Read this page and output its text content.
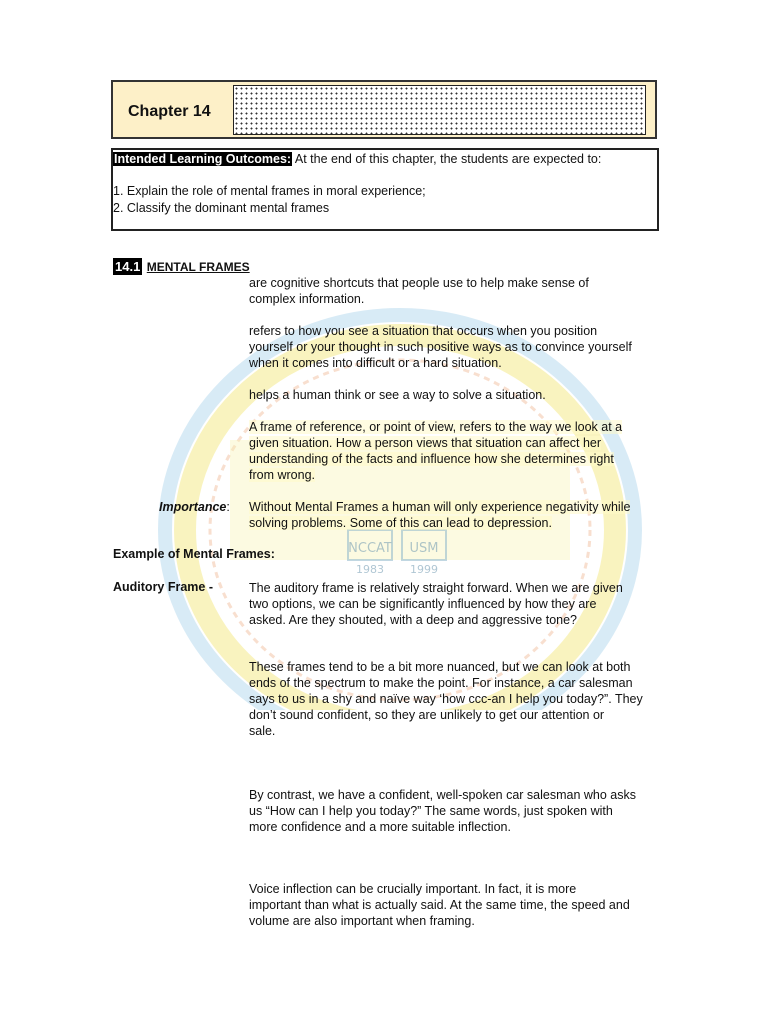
NCCAT USM
1983 1999
Chapter 14
Intended Learning Outcomes: At the end of this chapter, the students are expected to:
1. Explain the role of mental frames in moral experience;
2. Classify the dominant mental frames
14.1 MENTAL FRAMES
are cognitive shortcuts that people use to help make sense of
complex information.
refers to how you see a situation that occurs when you position
yourself or your thought in such positive ways as to convince yourself
when it comes into difficult or a hard situation.
helps a human think or see a way to solve a situation.
A frame of reference, or point of view, refers to the way we look at a
given situation. How a person views that situation can affect her
understanding of the facts and influence how she determines right
from wrong.
Importance: Without Mental Frames a human will only experience negativity while
solving problems. Some of this can lead to depression.
Example of Mental Frames:
Auditory Frame -	The auditory frame is relatively straight forward. When we are given
two options, we can be significantly influenced by how they are
asked. Are they shouted, with a deep and aggressive tone?
These frames tend to be a bit more nuanced, but we can look at both
ends of the spectrum to make the point. For instance, a car salesman
says to us in a shy and naïve way ‘how ccc-an I help you today?”. They
don’t sound confident, so they are unlikely to get our attention or
sale.
By contrast, we have a confident, well-spoken car salesman who asks
us “How can I help you today?” The same words, just spoken with
more confidence and a more suitable inflection.
Voice inflection can be crucially important. In fact, it is more
important than what is actually said. At the same time, the speed and
volume are also important when framing.
